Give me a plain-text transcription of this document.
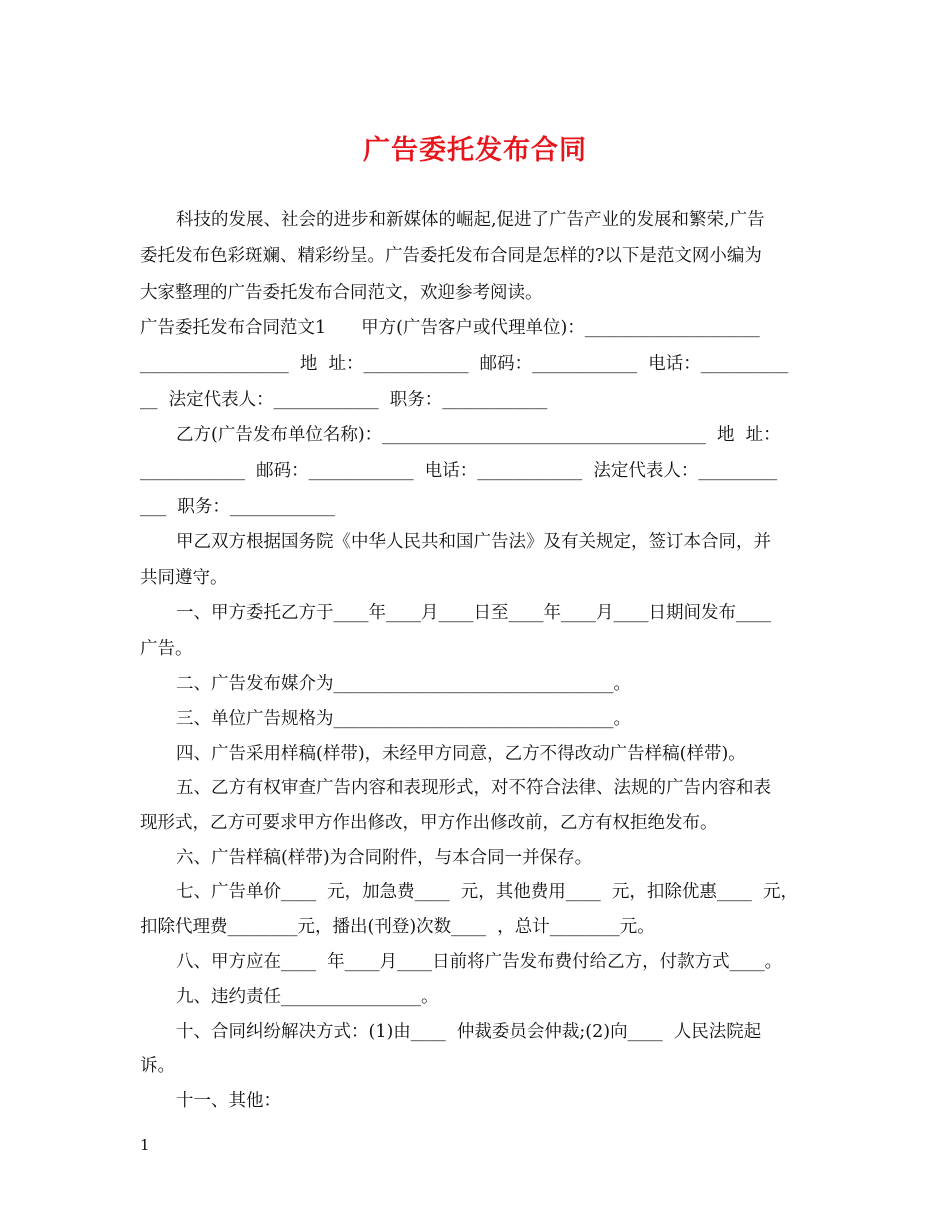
广告委托发布合同
科技的发展、社会的进步和新媒体的崛起,促进了广告产业的发展和繁荣,广告
委托发布色彩斑斓、精彩纷呈。广告委托发布合同是怎样的?以下是范文网小编为
大家整理的广告委托发布合同范文，欢迎参考阅读。
广告委托发布合同范文1　　甲方(广告客户或代理单位)：____________________
_________________  地  址：____________  邮码：____________  电话：__________
__  法定代表人：____________  职务：____________
乙方(广告发布单位名称)：_____________________________________  地  址：
____________  邮码：____________  电话：____________  法定代表人：_________
___  职务：____________
甲乙双方根据国务院《中华人民共和国广告法》及有关规定，签订本合同，并
共同遵守。
一、甲方委托乙方于____年____月____日至____年____月____日期间发布____
广告。
二、广告发布媒介为________________________________。
三、单位广告规格为________________________________。
四、广告采用样稿(样带)，未经甲方同意，乙方不得改动广告样稿(样带)。
五、乙方有权审查广告内容和表现形式，对不符合法律、法规的广告内容和表
现形式，乙方可要求甲方作出修改，甲方作出修改前，乙方有权拒绝发布。
六、广告样稿(样带)为合同附件，与本合同一并保存。
七、广告单价____  元，加急费____  元，其他费用____  元，扣除优惠____  元，
扣除代理费________元，播出(刊登)次数____  ，总计________元。
八、甲方应在____  年____月____日前将广告发布费付给乙方，付款方式____。
九、违约责任________________。
十、合同纠纷解决方式：(1)由____  仲裁委员会仲裁;(2)向____  人民法院起
诉。
十一、其他：
1
